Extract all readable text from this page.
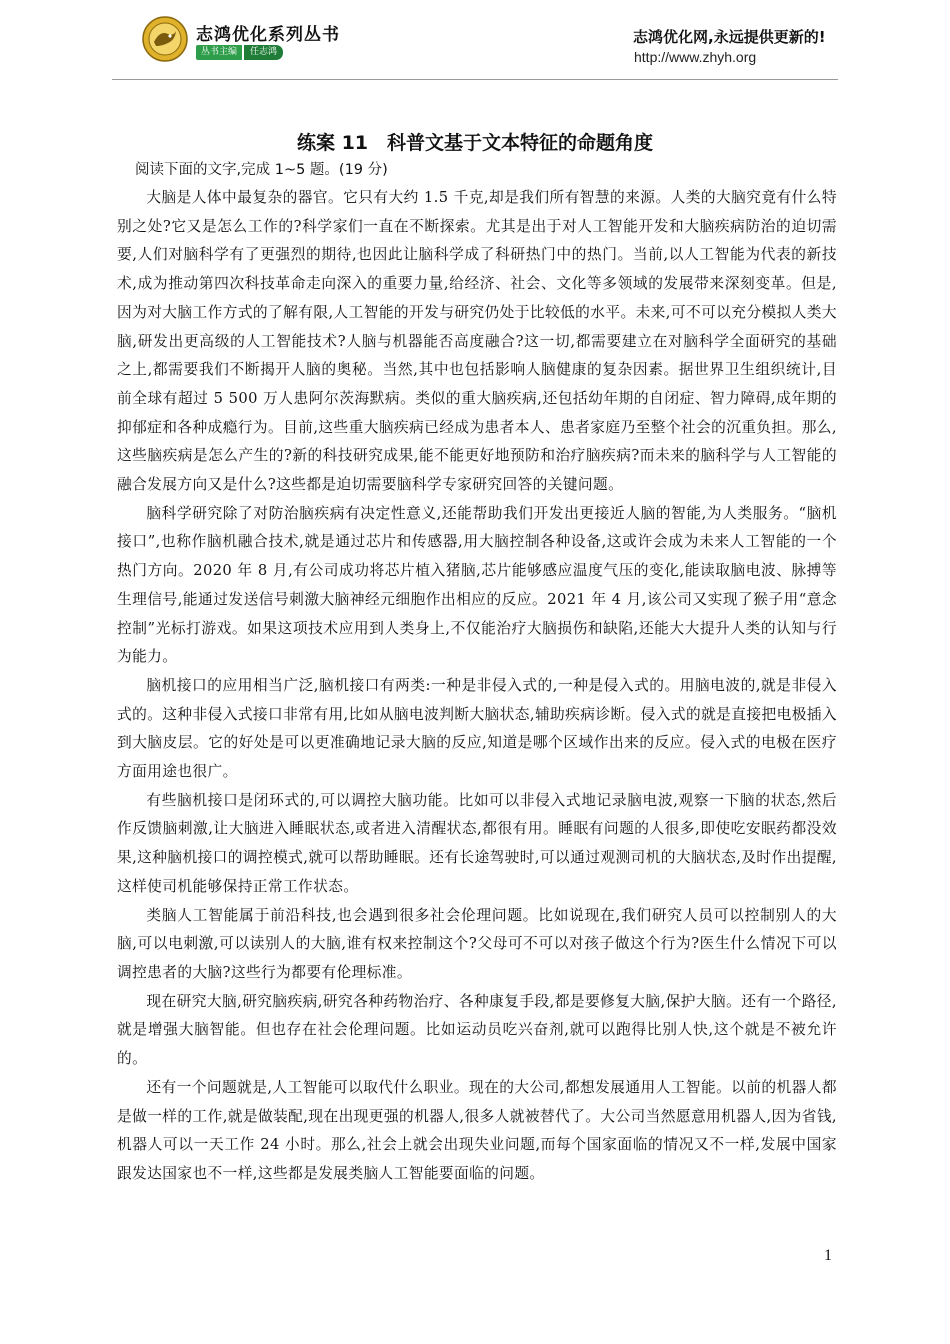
志鸿优化系列丛书
丛书主编	任志鸿
志鸿优化网,永远提供更新的!
http://www.zhyh.org
练案 11　科普文基于文本特征的命题角度
阅读下面的文字,完成 1~5 题。(19 分)

大脑是人体中最复杂的器官。它只有大约 1.5 千克,却是我们所有智慧的来源。人类的大脑究竟有什么特别之处?它又是怎么工作的?科学家们一直在不断探索。尤其是出于对人工智能开发和大脑疾病防治的迫切需要,人们对脑科学有了更强烈的期待,也因此让脑科学成了科研热门中的热门。当前,以人工智能为代表的新技术,成为推动第四次科技革命走向深入的重要力量,给经济、社会、文化等多领域的发展带来深刻变革。但是,因为对大脑工作方式的了解有限,人工智能的开发与研究仍处于比较低的水平。未来,可不可以充分模拟人类大脑,研发出更高级的人工智能技术?人脑与机器能否高度融合?这一切,都需要建立在对脑科学全面研究的基础之上,都需要我们不断揭开人脑的奥秘。当然,其中也包括影响人脑健康的复杂因素。据世界卫生组织统计,目前全球有超过 5 500 万人患阿尔茨海默病。类似的重大脑疾病,还包括幼年期的自闭症、智力障碍,成年期的抑郁症和各种成瘾行为。目前,这些重大脑疾病已经成为患者本人、患者家庭乃至整个社会的沉重负担。那么,这些脑疾病是怎么产生的?新的科技研究成果,能不能更好地预防和治疗脑疾病?而未来的脑科学与人工智能的融合发展方向又是什么?这些都是迫切需要脑科学专家研究回答的关键问题。

脑科学研究除了对防治脑疾病有决定性意义,还能帮助我们开发出更接近人脑的智能,为人类服务。“脑机接口”,也称作脑机融合技术,就是通过芯片和传感器,用大脑控制各种设备,这或许会成为未来人工智能的一个热门方向。2020 年 8 月,有公司成功将芯片植入猪脑,芯片能够感应温度气压的变化,能读取脑电波、脉搏等生理信号,能通过发送信号刺激大脑神经元细胞作出相应的反应。2021 年 4 月,该公司又实现了猴子用“意念控制”光标打游戏。如果这项技术应用到人类身上,不仅能治疗大脑损伤和缺陷,还能大大提升人类的认知与行为能力。

脑机接口的应用相当广泛,脑机接口有两类:一种是非侵入式的,一种是侵入式的。用脑电波的,就是非侵入式的。这种非侵入式接口非常有用,比如从脑电波判断大脑状态,辅助疾病诊断。侵入式的就是直接把电极插入到大脑皮层。它的好处是可以更准确地记录大脑的反应,知道是哪个区域作出来的反应。侵入式的电极在医疗方面用途也很广。

有些脑机接口是闭环式的,可以调控大脑功能。比如可以非侵入式地记录脑电波,观察一下脑的状态,然后作反馈脑刺激,让大脑进入睡眠状态,或者进入清醒状态,都很有用。睡眠有问题的人很多,即使吃安眠药都没效果,这种脑机接口的调控模式,就可以帮助睡眠。还有长途驾驶时,可以通过观测司机的大脑状态,及时作出提醒,这样使司机能够保持正常工作状态。

类脑人工智能属于前沿科技,也会遇到很多社会伦理问题。比如说现在,我们研究人员可以控制别人的大脑,可以电刺激,可以读别人的大脑,谁有权来控制这个?父母可不可以对孩子做这个行为?医生什么情况下可以调控患者的大脑?这些行为都要有伦理标准。

现在研究大脑,研究脑疾病,研究各种药物治疗、各种康复手段,都是要修复大脑,保护大脑。还有一个路径,就是增强大脑智能。但也存在社会伦理问题。比如运动员吃兴奋剂,就可以跑得比别人快,这个就是不被允许的。

还有一个问题就是,人工智能可以取代什么职业。现在的大公司,都想发展通用人工智能。以前的机器人都是做一样的工作,就是做装配,现在出现更强的机器人,很多人就被替代了。大公司当然愿意用机器人,因为省钱,机器人可以一天工作 24 小时。那么,社会上就会出现失业问题,而每个国家面临的情况又不一样,发展中国家跟发达国家也不一样,这些都是发展类脑人工智能要面临的问题。

1
